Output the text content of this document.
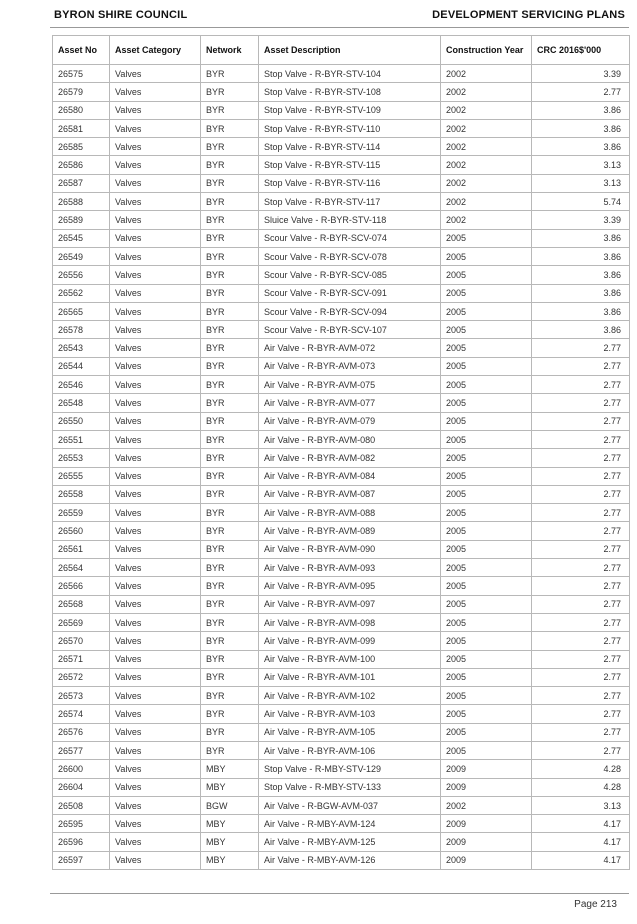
BYRON SHIRE COUNCIL	DEVELOPMENT SERVICING PLANS
Asset No	Asset Category	Network	Asset Description	Construction Year	CRC 2016$'000
26575	Valves	BYR	Stop Valve - R-BYR-STV-104	2002	3.39
26579	Valves	BYR	Stop Valve - R-BYR-STV-108	2002	2.77
26580	Valves	BYR	Stop Valve - R-BYR-STV-109	2002	3.86
26581	Valves	BYR	Stop Valve - R-BYR-STV-110	2002	3.86
26585	Valves	BYR	Stop Valve - R-BYR-STV-114	2002	3.86
26586	Valves	BYR	Stop Valve - R-BYR-STV-115	2002	3.13
26587	Valves	BYR	Stop Valve - R-BYR-STV-116	2002	3.13
26588	Valves	BYR	Stop Valve - R-BYR-STV-117	2002	5.74
26589	Valves	BYR	Sluice Valve - R-BYR-STV-118	2002	3.39
26545	Valves	BYR	Scour Valve - R-BYR-SCV-074	2005	3.86
26549	Valves	BYR	Scour Valve - R-BYR-SCV-078	2005	3.86
26556	Valves	BYR	Scour Valve - R-BYR-SCV-085	2005	3.86
26562	Valves	BYR	Scour Valve - R-BYR-SCV-091	2005	3.86
26565	Valves	BYR	Scour Valve - R-BYR-SCV-094	2005	3.86
26578	Valves	BYR	Scour Valve - R-BYR-SCV-107	2005	3.86
26543	Valves	BYR	Air Valve - R-BYR-AVM-072	2005	2.77
26544	Valves	BYR	Air Valve - R-BYR-AVM-073	2005	2.77
26546	Valves	BYR	Air Valve - R-BYR-AVM-075	2005	2.77
26548	Valves	BYR	Air Valve - R-BYR-AVM-077	2005	2.77
26550	Valves	BYR	Air Valve - R-BYR-AVM-079	2005	2.77
26551	Valves	BYR	Air Valve - R-BYR-AVM-080	2005	2.77
26553	Valves	BYR	Air Valve - R-BYR-AVM-082	2005	2.77
26555	Valves	BYR	Air Valve - R-BYR-AVM-084	2005	2.77
26558	Valves	BYR	Air Valve - R-BYR-AVM-087	2005	2.77
26559	Valves	BYR	Air Valve - R-BYR-AVM-088	2005	2.77
26560	Valves	BYR	Air Valve - R-BYR-AVM-089	2005	2.77
26561	Valves	BYR	Air Valve - R-BYR-AVM-090	2005	2.77
26564	Valves	BYR	Air Valve - R-BYR-AVM-093	2005	2.77
26566	Valves	BYR	Air Valve - R-BYR-AVM-095	2005	2.77
26568	Valves	BYR	Air Valve - R-BYR-AVM-097	2005	2.77
26569	Valves	BYR	Air Valve - R-BYR-AVM-098	2005	2.77
26570	Valves	BYR	Air Valve - R-BYR-AVM-099	2005	2.77
26571	Valves	BYR	Air Valve - R-BYR-AVM-100	2005	2.77
26572	Valves	BYR	Air Valve - R-BYR-AVM-101	2005	2.77
26573	Valves	BYR	Air Valve - R-BYR-AVM-102	2005	2.77
26574	Valves	BYR	Air Valve - R-BYR-AVM-103	2005	2.77
26576	Valves	BYR	Air Valve - R-BYR-AVM-105	2005	2.77
26577	Valves	BYR	Air Valve - R-BYR-AVM-106	2005	2.77
26600	Valves	MBY	Stop Valve - R-MBY-STV-129	2009	4.28
26604	Valves	MBY	Stop Valve - R-MBY-STV-133	2009	4.28
26508	Valves	BGW	Air Valve - R-BGW-AVM-037	2002	3.13
26595	Valves	MBY	Air Valve - R-MBY-AVM-124	2009	4.17
26596	Valves	MBY	Air Valve - R-MBY-AVM-125	2009	4.17
26597	Valves	MBY	Air Valve - R-MBY-AVM-126	2009	4.17
Page 213
